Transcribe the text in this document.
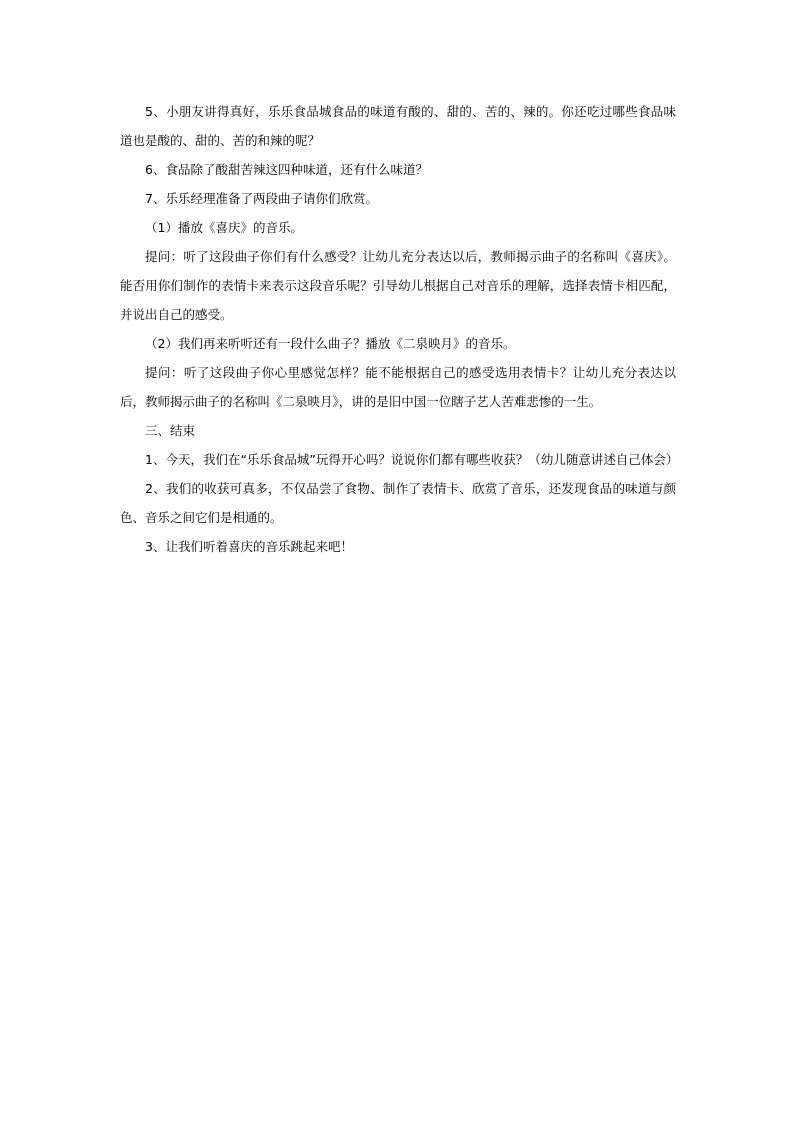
5、小朋友讲得真好，乐乐食品城食品的味道有酸的、甜的、苦的、辣的。你还吃过哪些食品味道也是酸的、甜的、苦的和辣的呢？

6、食品除了酸甜苦辣这四种味道，还有什么味道？

7、乐乐经理准备了两段曲子请你们欣赏。

（1）播放《喜庆》的音乐。

提问：听了这段曲子你们有什么感受？让幼儿充分表达以后，教师揭示曲子的名称叫《喜庆》。能否用你们制作的表情卡来表示这段音乐呢？引导幼儿根据自己对音乐的理解，选择表情卡相匹配，并说出自己的感受。

（2）我们再来听听还有一段什么曲子？播放《二泉映月》的音乐。

提问：听了这段曲子你心里感觉怎样？能不能根据自己的感受选用表情卡？让幼儿充分表达以后，教师揭示曲子的名称叫《二泉映月》，讲的是旧中国一位瞎子艺人苦难悲惨的一生。

三、结束

1、今天，我们在“乐乐食品城”玩得开心吗？说说你们都有哪些收获？（幼儿随意讲述自己体会）

2、我们的收获可真多，不仅品尝了食物、制作了表情卡、欣赏了音乐，还发现食品的味道与颜色、音乐之间它们是相通的。

3、让我们听着喜庆的音乐跳起来吧！
